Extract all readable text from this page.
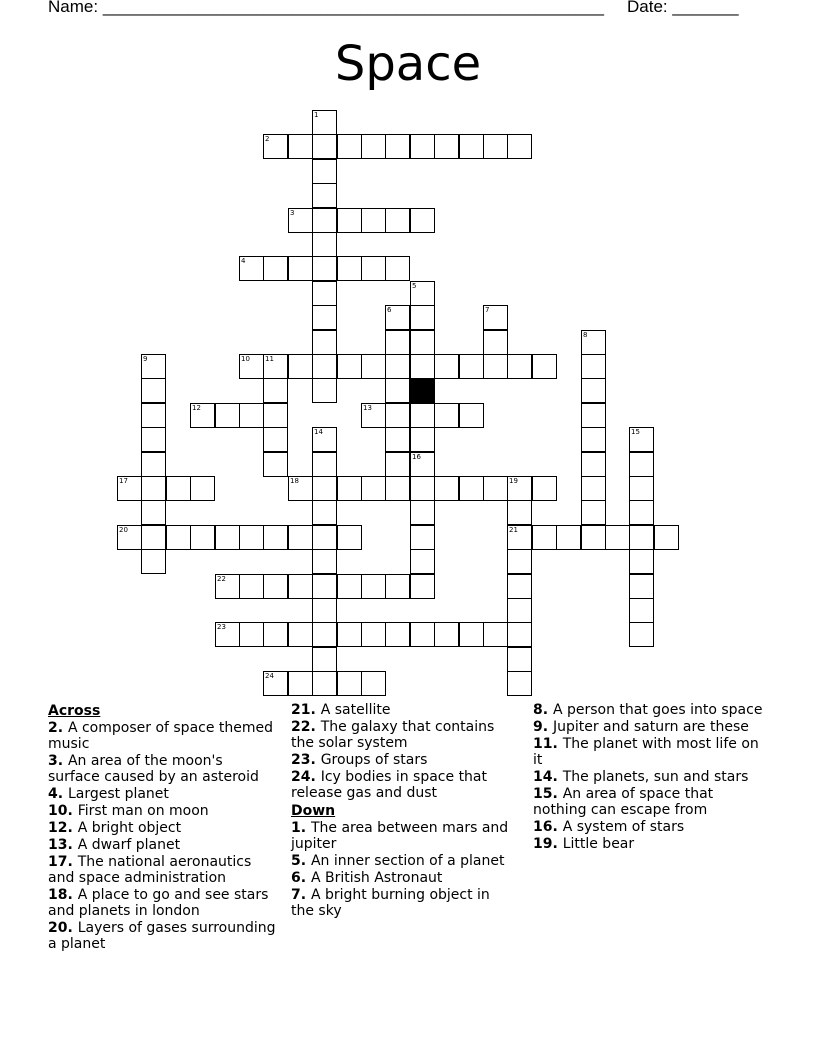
Name: _____________________________________________________ Date: _______
Space
2
3
4
10 11
12	13
17	18	19
20	21
22
23
24
1
5
6	7
8
9
14	15
16
Across
2. A composer of space themed music
3. An area of the moon's surface caused by an asteroid
4. Largest planet
10. First man on moon
12. A bright object
13. A dwarf planet
17. The national aeronautics and space administration
18. A place to go and see stars and planets in london
20. Layers of gases surrounding a planet
21. A satellite
22. The galaxy that contains the solar system
23. Groups of stars
24. Icy bodies in space that release gas and dust
Down
1. The area between mars and jupiter
5. An inner section of a planet
6. A British Astronaut
7. A bright burning object in the sky
8. A person that goes into space
9. Jupiter and saturn are these
11. The planet with most life on it
14. The planets, sun and stars
15. An area of space that nothing can escape from
16. A system of stars
19. Little bear
